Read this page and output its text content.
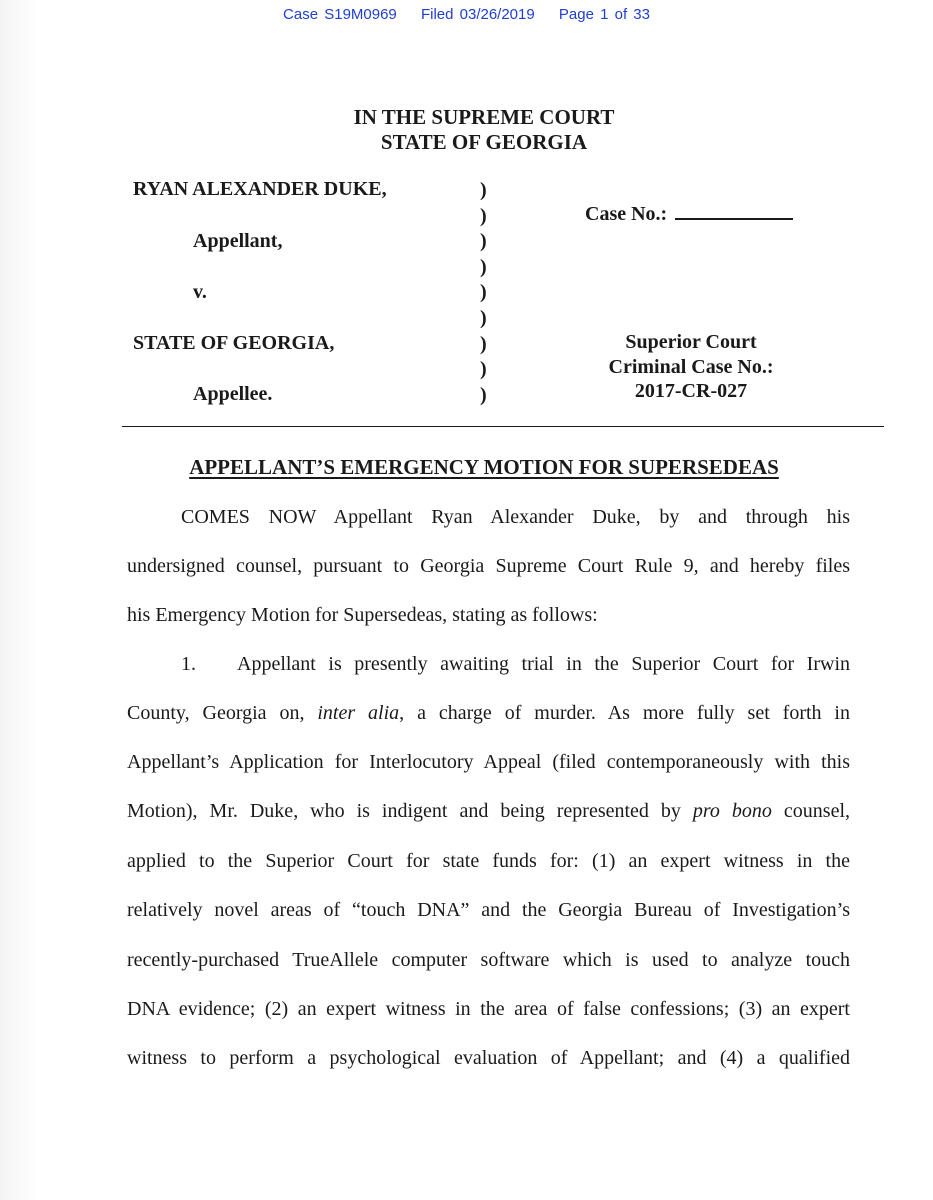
Case S19M0969 Filed 03/26/2019 Page 1 of 33
IN THE SUPREME COURT
STATE OF GEORGIA
RYAN ALEXANDER DUKE,
Appellant,
v.
STATE OF GEORGIA,
Appellee.
)
)
)
)
)
)
)
)
)
Case No.:
Superior Court
Criminal Case No.:
2017-CR-027
APPELLANT’S EMERGENCY MOTION FOR SUPERSEDEAS
COMES NOW Appellant Ryan Alexander Duke, by and through his
undersigned counsel, pursuant to Georgia Supreme Court Rule 9, and hereby files
his Emergency Motion for Supersedeas, stating as follows:
1. Appellant is presently awaiting trial in the Superior Court for Irwin
County, Georgia on, inter alia, a charge of murder. As more fully set forth in
Appellant’s Application for Interlocutory Appeal (filed contemporaneously with this
Motion), Mr. Duke, who is indigent and being represented by pro bono counsel,
applied to the Superior Court for state funds for: (1) an expert witness in the
relatively novel areas of “touch DNA” and the Georgia Bureau of Investigation’s
recently-purchased TrueAllele computer software which is used to analyze touch
DNA evidence; (2) an expert witness in the area of false confessions; (3) an expert
witness to perform a psychological evaluation of Appellant; and (4) a qualified
